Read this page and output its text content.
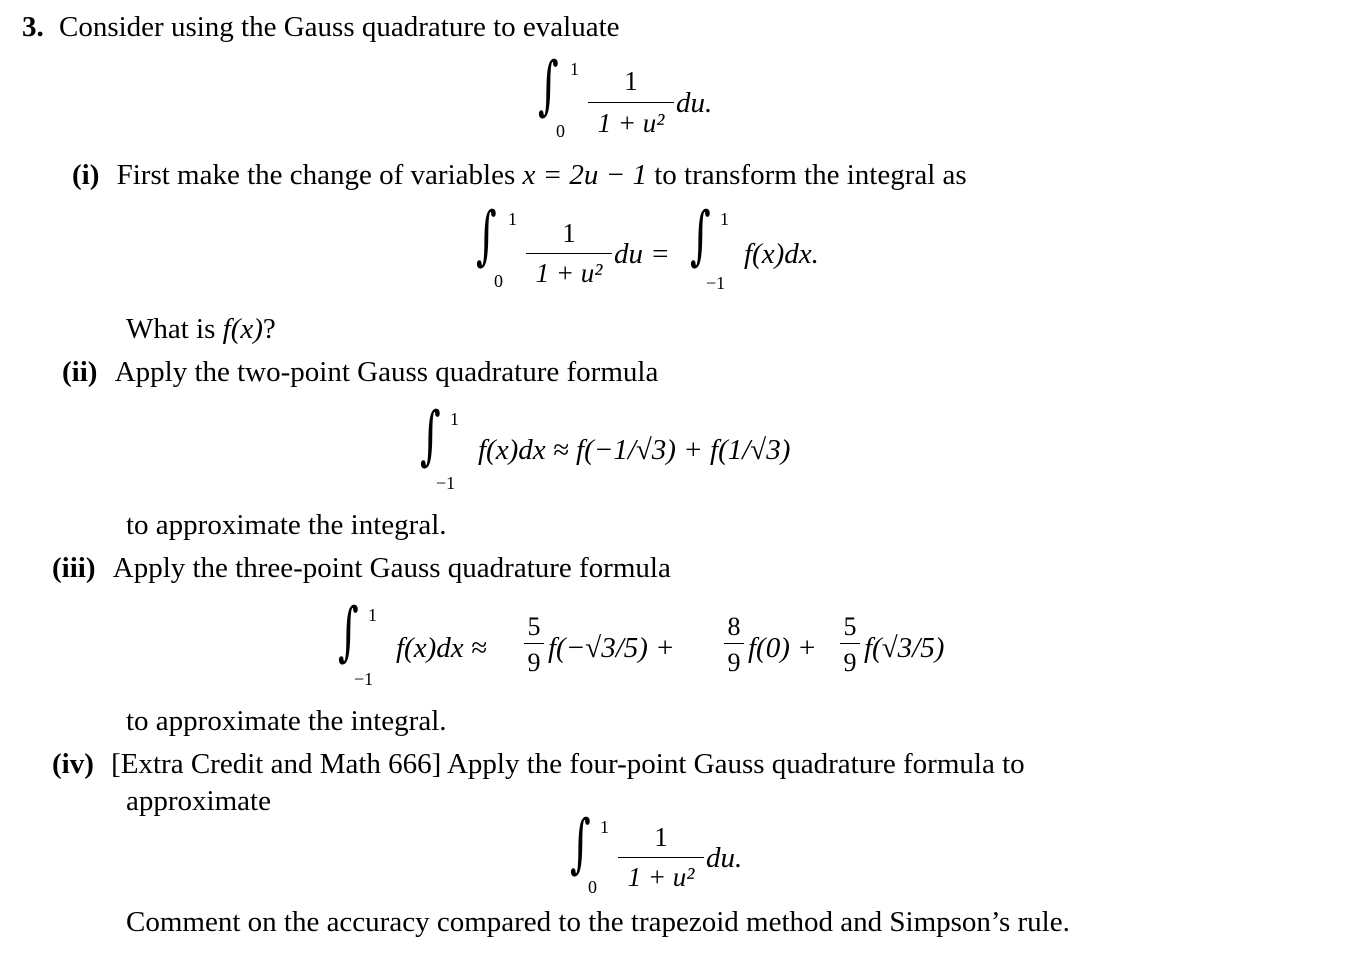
3. Consider using the Gauss quadrature to evaluate
∫ 1
0
1
1 + u²
du.
(i) First make the change of variables x = 2u − 1 to transform the integral as
∫ 1
0
1
1 + u²
du = ∫ 1
−1
f(x)dx.
What is f(x)?
(ii) Apply the two-point Gauss quadrature formula
∫ 1
−1
f(x)dx ≈ f(−1/√3) + f(1/√3)
to approximate the integral.
(iii) Apply the three-point Gauss quadrature formula
∫ 1
−1
f(x)dx ≈
5
9 f(−√3/5) +
8
9 f(0) +
5
9 f(√3/5)
to approximate the integral.
(iv) [Extra Credit and Math 666] Apply the four-point Gauss quadrature formula to
approximate
∫ 1
0
1
1 + u²
du.
Comment on the accuracy compared to the trapezoid method and Simpson’s rule.
